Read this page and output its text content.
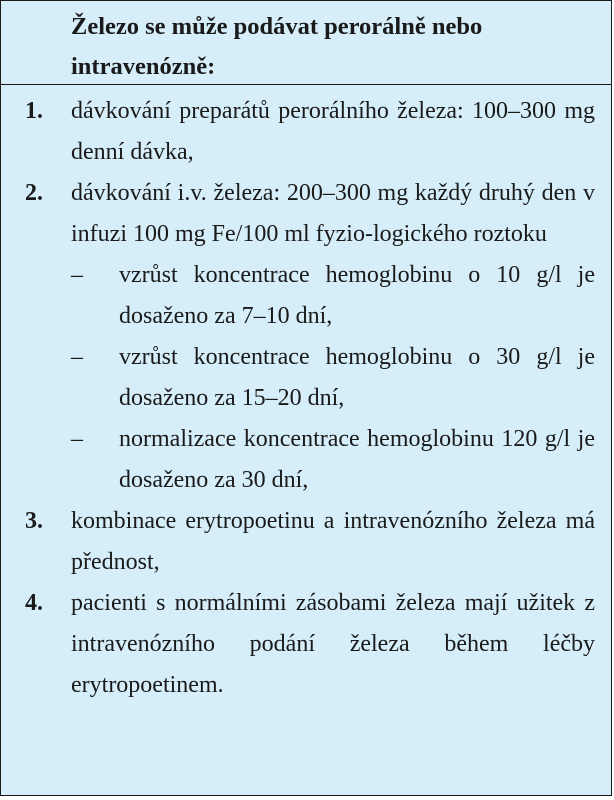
Železo se může podávat perorálně nebo intravenózně:
1.	dávkování preparátů perorálního železa: 100–300 mg denní dávka,
2.	dávkování i.v. železa: 200–300 mg každý druhý den v infuzi 100 mg Fe/100 ml fyzio-logického roztoku
–	vzrůst koncentrace hemoglobinu o 10 g/l je dosaženo za 7–10 dní,
–	vzrůst koncentrace hemoglobinu o 30 g/l je dosaženo za 15–20 dní,
–	normalizace koncentrace hemoglobinu 120 g/l je dosaženo za 30 dní,
3.	kombinace erytropoetinu a intravenózního železa má přednost,
4.	pacienti s normálními zásobami železa mají užitek z intravenózního podání železa během léčby erytropoetinem.
